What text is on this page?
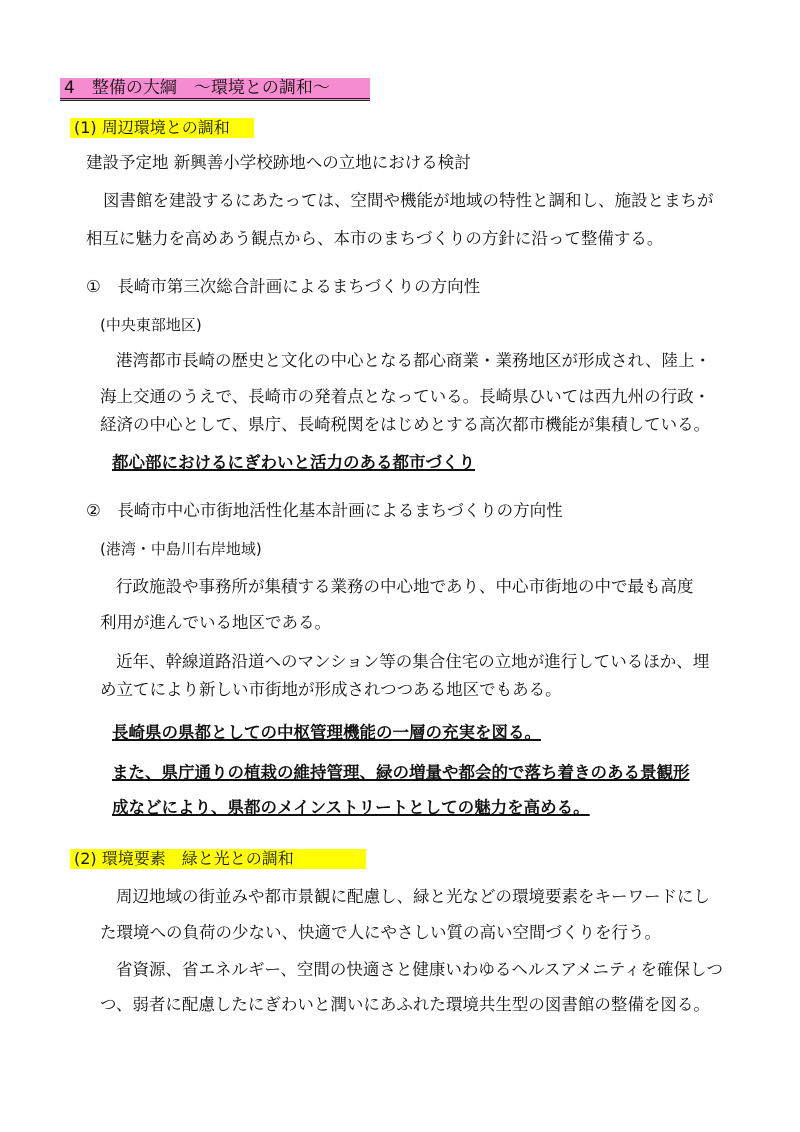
4　整備の大綱　～環境との調和～
(1) 周辺環境との調和
建設予定地 新興善小学校跡地への立地における検討
図書館を建設するにあたっては、空間や機能が地域の特性と調和し、施設とまちが
相互に魅力を高めあう観点から、本市のまちづくりの方針に沿って整備する。
①　長崎市第三次総合計画によるまちづくりの方向性
(中央東部地区)
港湾都市長崎の歴史と文化の中心となる都心商業・業務地区が形成され、陸上・
海上交通のうえで、長崎市の発着点となっている。長崎県ひいては西九州の行政・
経済の中心として、県庁、長崎税関をはじめとする高次都市機能が集積している。
都心部におけるにぎわいと活力のある都市づくり
②　長崎市中心市街地活性化基本計画によるまちづくりの方向性
(港湾・中島川右岸地域)
行政施設や事務所が集積する業務の中心地であり、中心市街地の中で最も高度
利用が進んでいる地区である。
近年、幹線道路沿道へのマンション等の集合住宅の立地が進行しているほか、埋
め立てにより新しい市街地が形成されつつある地区でもある。
長崎県の県都としての中枢管理機能の一層の充実を図る。
また、県庁通りの植栽の維持管理、緑の増量や都会的で落ち着きのある景観形
成などにより、県都のメインストリートとしての魅力を高める。
(2) 環境要素　緑と光との調和
周辺地域の街並みや都市景観に配慮し、緑と光などの環境要素をキーワードにし
た環境への負荷の少ない、快適で人にやさしい質の高い空間づくりを行う。
省資源、省エネルギー、空間の快適さと健康いわゆるヘルスアメニティを確保しつ
つ、弱者に配慮したにぎわいと潤いにあふれた環境共生型の図書館の整備を図る。
